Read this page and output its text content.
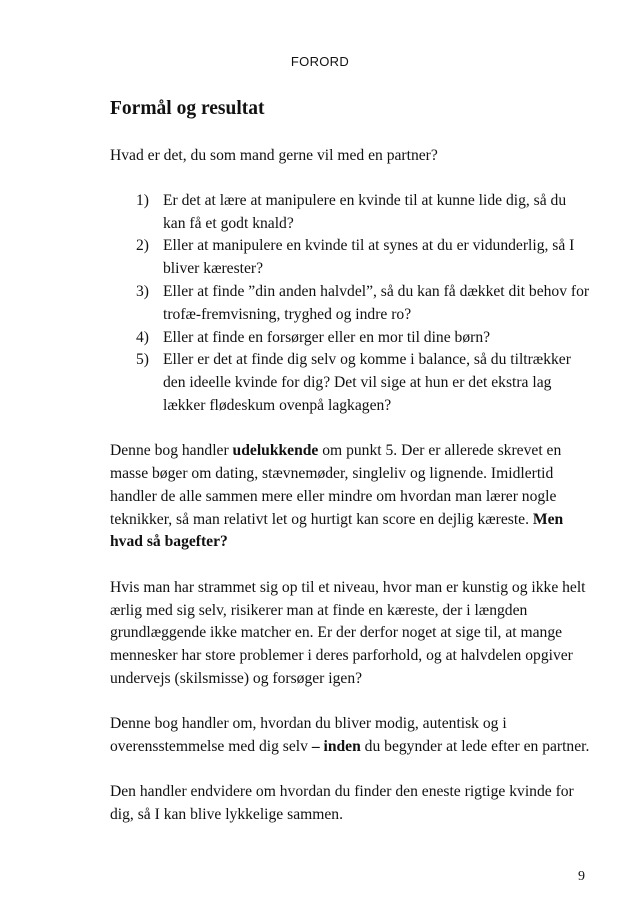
FORORD
Formål og resultat

Hvad er det, du som mand gerne vil med en partner?

1) Er det at lære at manipulere en kvinde til at kunne lide dig, så du kan få et godt knald?
2) Eller at manipulere en kvinde til at synes at du er vidunderlig, så I bliver kærester?
3) Eller at finde ”din anden halvdel”, så du kan få dækket dit behov for trofæ-fremvisning, tryghed og indre ro?
4) Eller at finde en forsørger eller en mor til dine børn?
5) Eller er det at finde dig selv og komme i balance, så du tiltrækker den ideelle kvinde for dig? Det vil sige at hun er det ekstra lag lækker flødeskum ovenpå lagkagen?

Denne bog handler udelukkende om punkt 5. Der er allerede skrevet en masse bøger om dating, stævnemøder, singleliv og lignende. Imidlertid handler de alle sammen mere eller mindre om hvordan man lærer nogle teknikker, så man relativt let og hurtigt kan score en dejlig kæreste. Men hvad så bagefter?

Hvis man har strammet sig op til et niveau, hvor man er kunstig og ikke helt ærlig med sig selv, risikerer man at finde en kæreste, der i længden grundlæggende ikke matcher en. Er der derfor noget at sige til, at mange mennesker har store problemer i deres parforhold, og at halvdelen opgiver undervejs (skilsmisse) og forsøger igen?

Denne bog handler om, hvordan du bliver modig, autentisk og i overensstemmelse med dig selv – inden du begynder at lede efter en partner.

Den handler endvidere om hvordan du finder den eneste rigtige kvinde for dig, så I kan blive lykkelige sammen.

9
